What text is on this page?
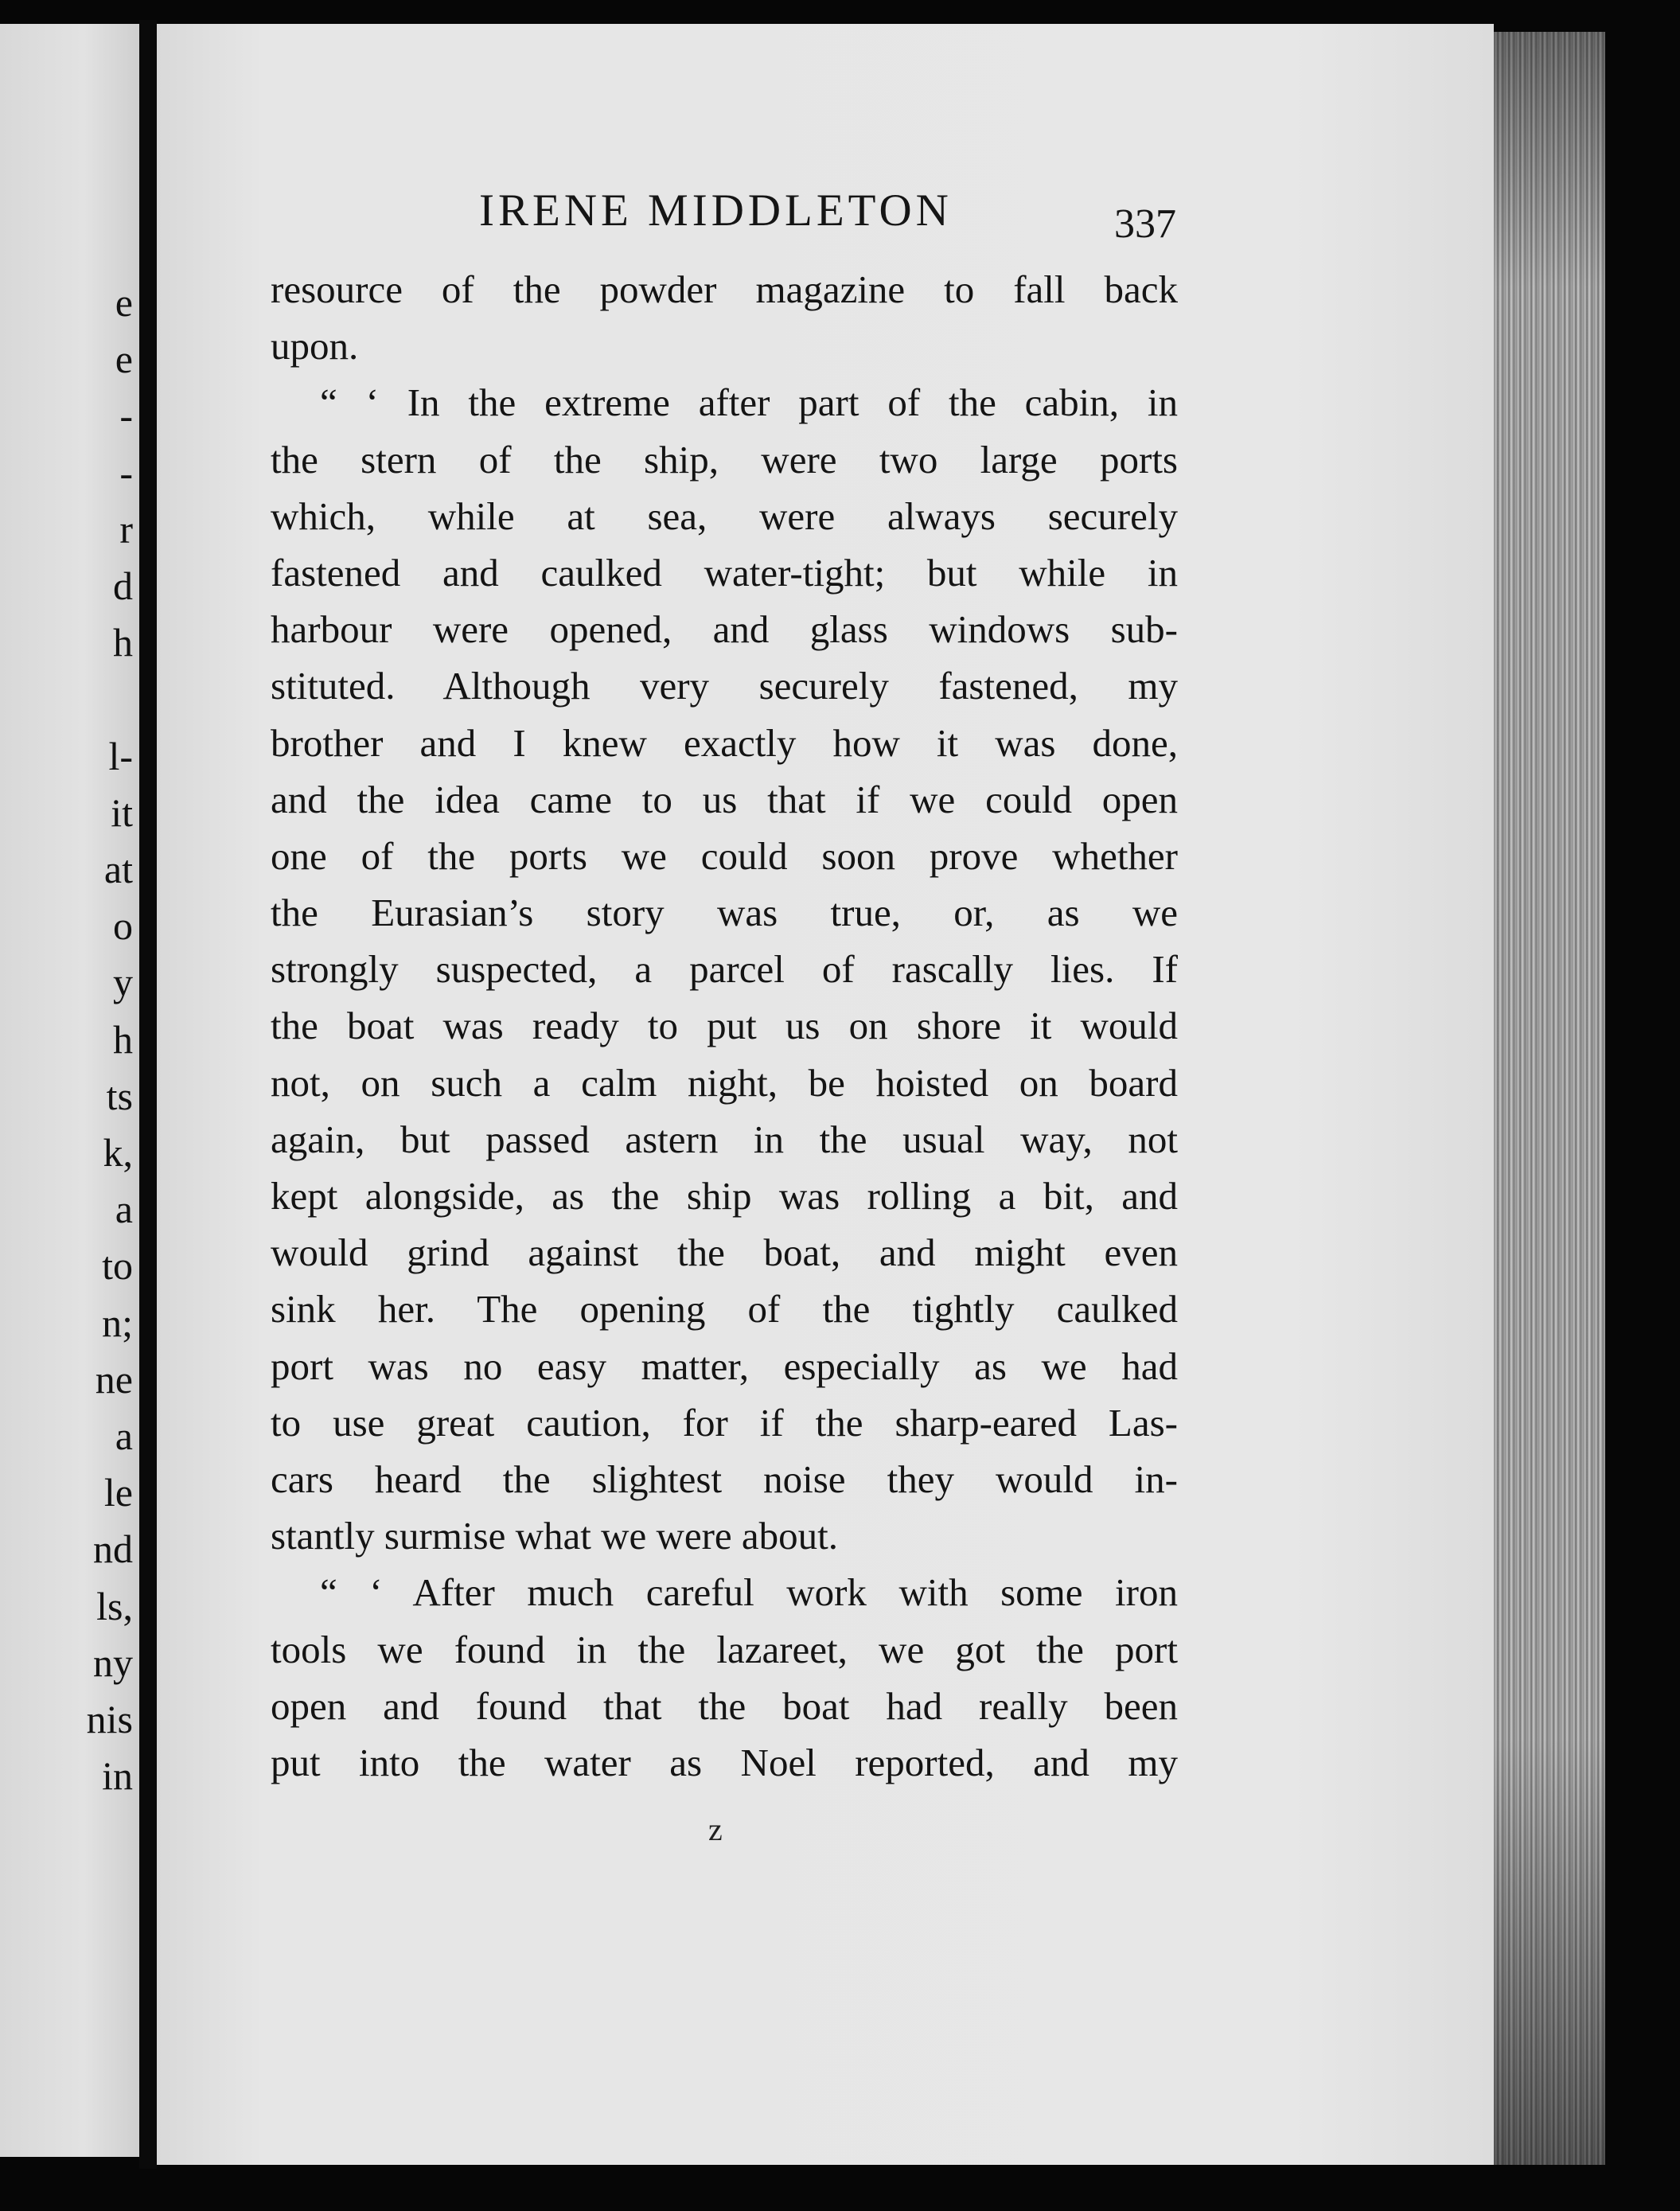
e
e
-
-
r
d
h
l-
it
at
o
y
h
ts
k,
a
to
n;
ne
a
le
nd
ls,
ny
nis
in
IRENE MIDDLETON	337
resource of the powder magazine to fall back
upon.
“ ‘ In the extreme after part of the cabin, in
the stern of the ship, were two large ports
which, while at sea, were always securely
fastened and caulked water-tight; but while in
harbour were opened, and glass windows sub-
stituted. Although very securely fastened, my
brother and I knew exactly how it was done,
and the idea came to us that if we could open
one of the ports we could soon prove whether
the Eurasian’s story was true, or, as we
strongly suspected, a parcel of rascally lies. If
the boat was ready to put us on shore it would
not, on such a calm night, be hoisted on board
again, but passed astern in the usual way, not
kept alongside, as the ship was rolling a bit, and
would grind against the boat, and might even
sink her. The opening of the tightly caulked
port was no easy matter, especially as we had
to use great caution, for if the sharp-eared Las-
cars heard the slightest noise they would in-
stantly surmise what we were about.
“ ‘ After much careful work with some iron
tools we found in the lazareet, we got the port
open and found that the boat had really been
put into the water as Noel reported, and my
z
